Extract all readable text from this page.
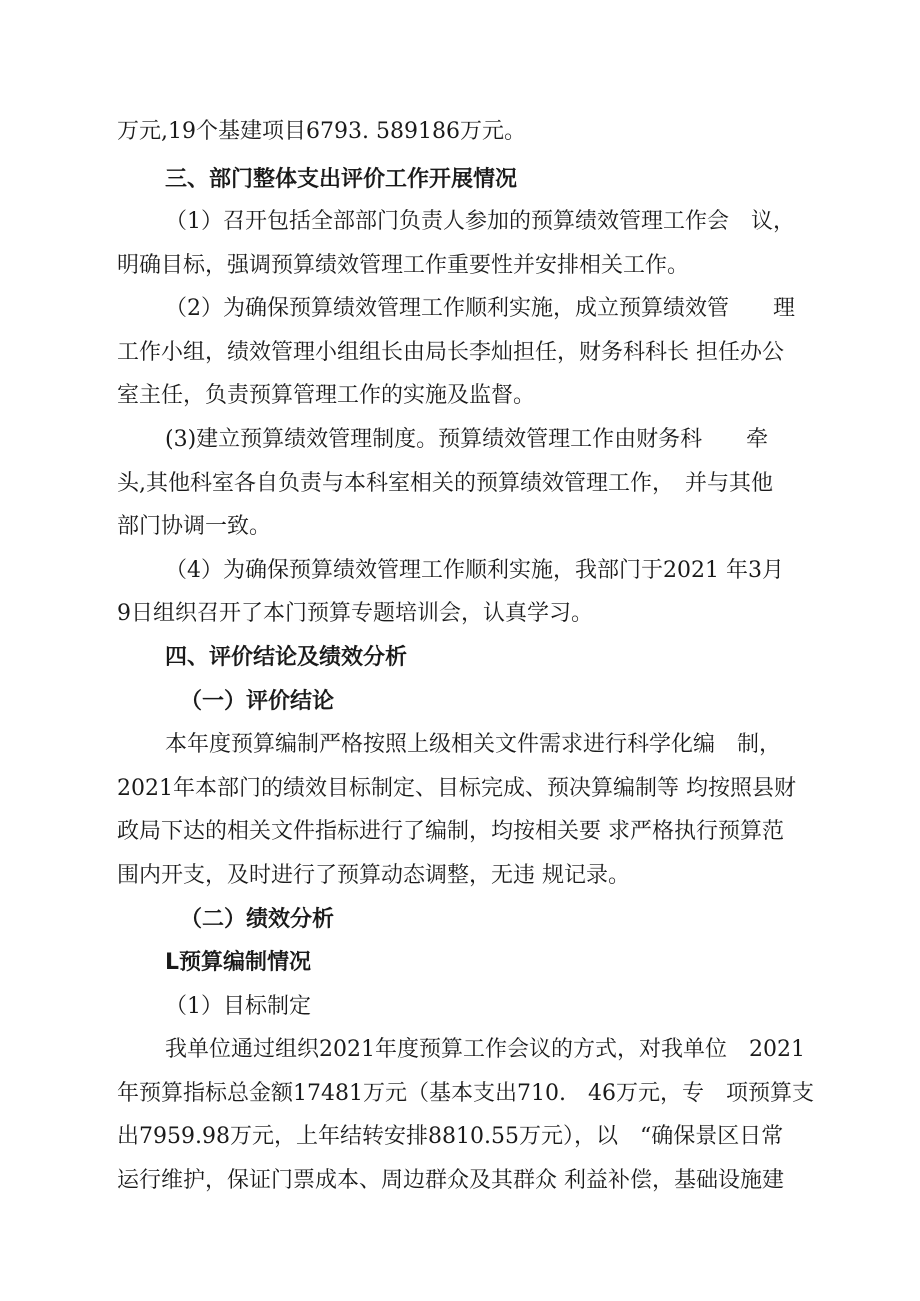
万元,19个基建项目6793. 589186万元。
三、部门整体支出评价工作开展情况
（1）召开包括全部部门负责人参加的预算绩效管理工作会　议，
明确目标，强调预算绩效管理工作重要性并安排相关工作。
（2）为确保预算绩效管理工作顺利实施，成立预算绩效管　　理
工作小组，绩效管理小组组长由局长李灿担任，财务科科长 担任办公
室主任，负责预算管理工作的实施及监督。
(3)建立预算绩效管理制度。预算绩效管理工作由财务科　　牵
头,其他科室各自负责与本科室相关的预算绩效管理工作，　并与其他
部门协调一致。
（4）为确保预算绩效管理工作顺利实施，我部门于2021 年3月
9日组织召开了本门预算专题培训会，认真学习。
四、评价结论及绩效分析
（一）评价结论
本年度预算编制严格按照上级相关文件需求进行科学化编　制，
2021年本部门的绩效目标制定、目标完成、预决算编制等 均按照县财
政局下达的相关文件指标进行了编制，均按相关要 求严格执行预算范
围内开支，及时进行了预算动态调整，无违 规记录。
（二）绩效分析
L预算编制情况
（1）目标制定
我单位通过组织2021年度预算工作会议的方式，对我单位　2021
年预算指标总金额17481万元（基本支出710.　46万元，专　项预算支
出7959.98万元，上年结转安排8810.55万元），以　“确保景区日常
运行维护，保证门票成本、周边群众及其群众 利益补偿，基础设施建
